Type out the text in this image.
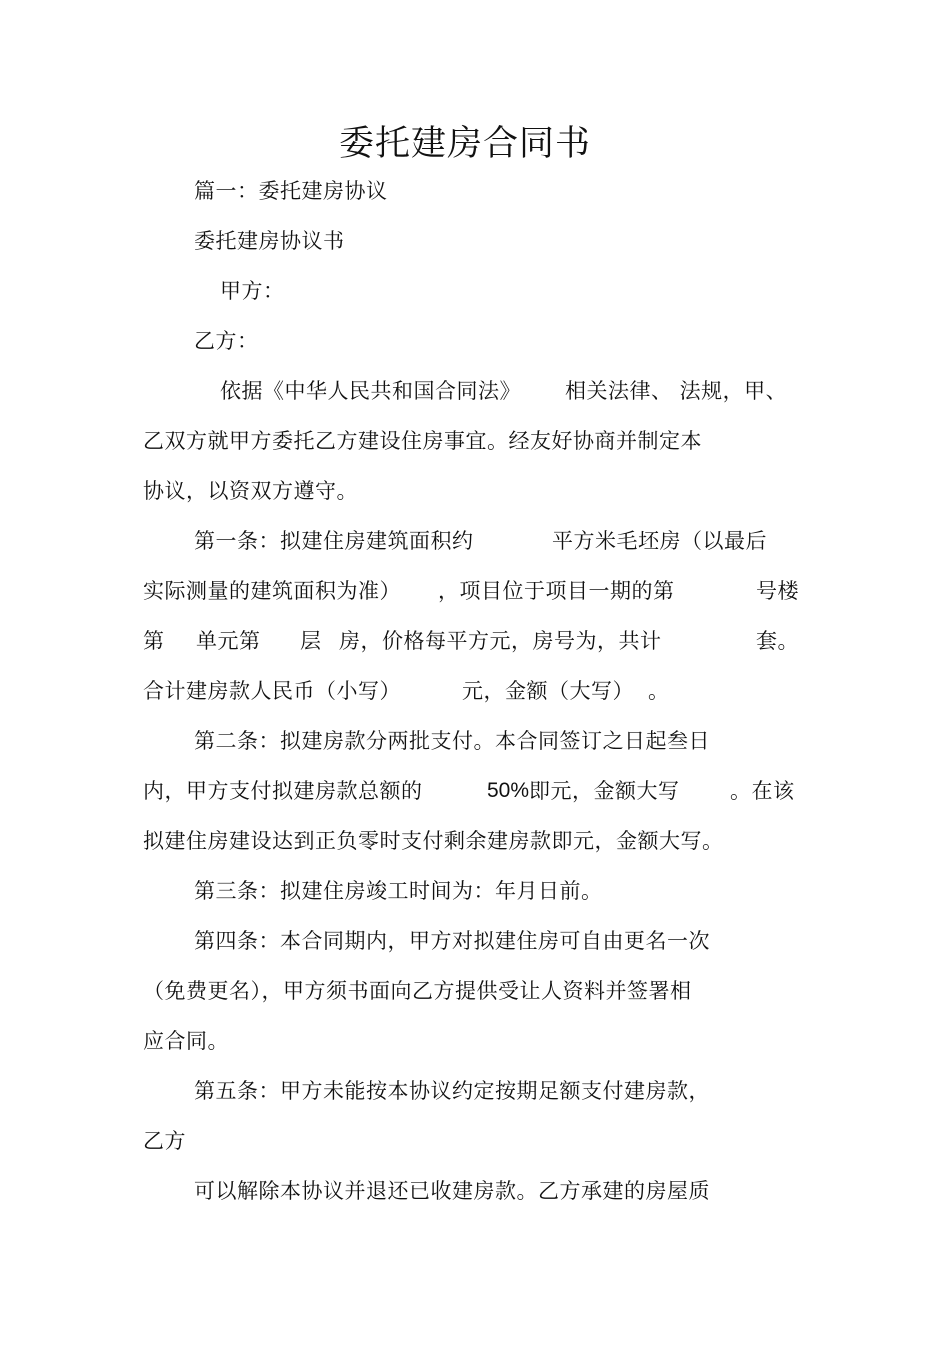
委托建房合同书
篇一：委托建房协议
委托建房协议书
甲方：
乙方：
依据《中华人民共和国合同法》 相关法律、 法规，甲、
乙双方就甲方委托乙方建设住房事宜。经友好协商并制定本
协议，以资双方遵守。
第一条：拟建住房建筑面积约	平方米毛坯房（以最后
实际测量的建筑面积为准） ，项目位于项目一期的第	号楼
第 单元第 层 房，价格每平方元，房号为，共计	套。
合计建房款人民币（小写）	元，金额（大写） 。
第二条：拟建房款分两批支付。本合同签订之日起叁日
内，甲方支付拟建房款总额的	50% 即元，金额大写 。在该
拟建住房建设达到正负零时支付剩余建房款即元，金额大写。
第三条：拟建住房竣工时间为：年月日前。
第四条：本合同期内，甲方对拟建住房可自由更名一次
（免费更名），甲方须书面向乙方提供受让人资料并签署相
应合同。
第五条：甲方未能按本协议约定按期足额支付建房款，
乙方
可以解除本协议并退还已收建房款。乙方承建的房屋质
